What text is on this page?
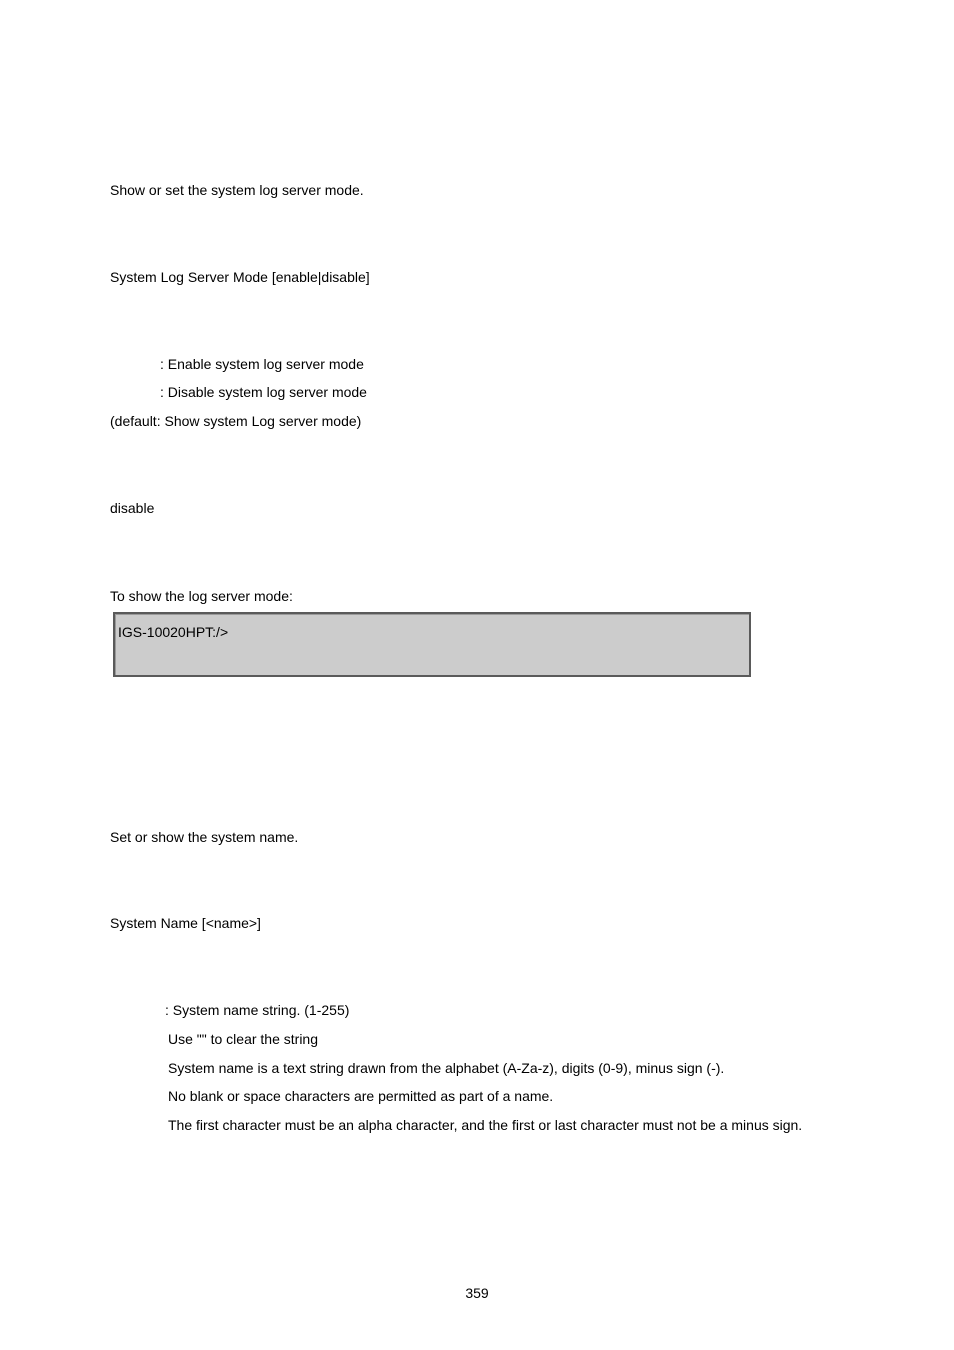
Show or set the system log server mode.
System Log Server Mode [enable|disable]
: Enable system log server mode
: Disable system log server mode
(default: Show system Log server mode)
disable
To show the log server mode:
IGS-10020HPT:/>
Set or show the system name.
System Name [<name>]
: System name string. (1-255)
Use "" to clear the string
System name is a text string drawn from the alphabet (A-Za-z), digits (0-9), minus sign (-).
No blank or space characters are permitted as part of a name.
The first character must be an alpha character, and the first or last character must not be a minus sign.
359
